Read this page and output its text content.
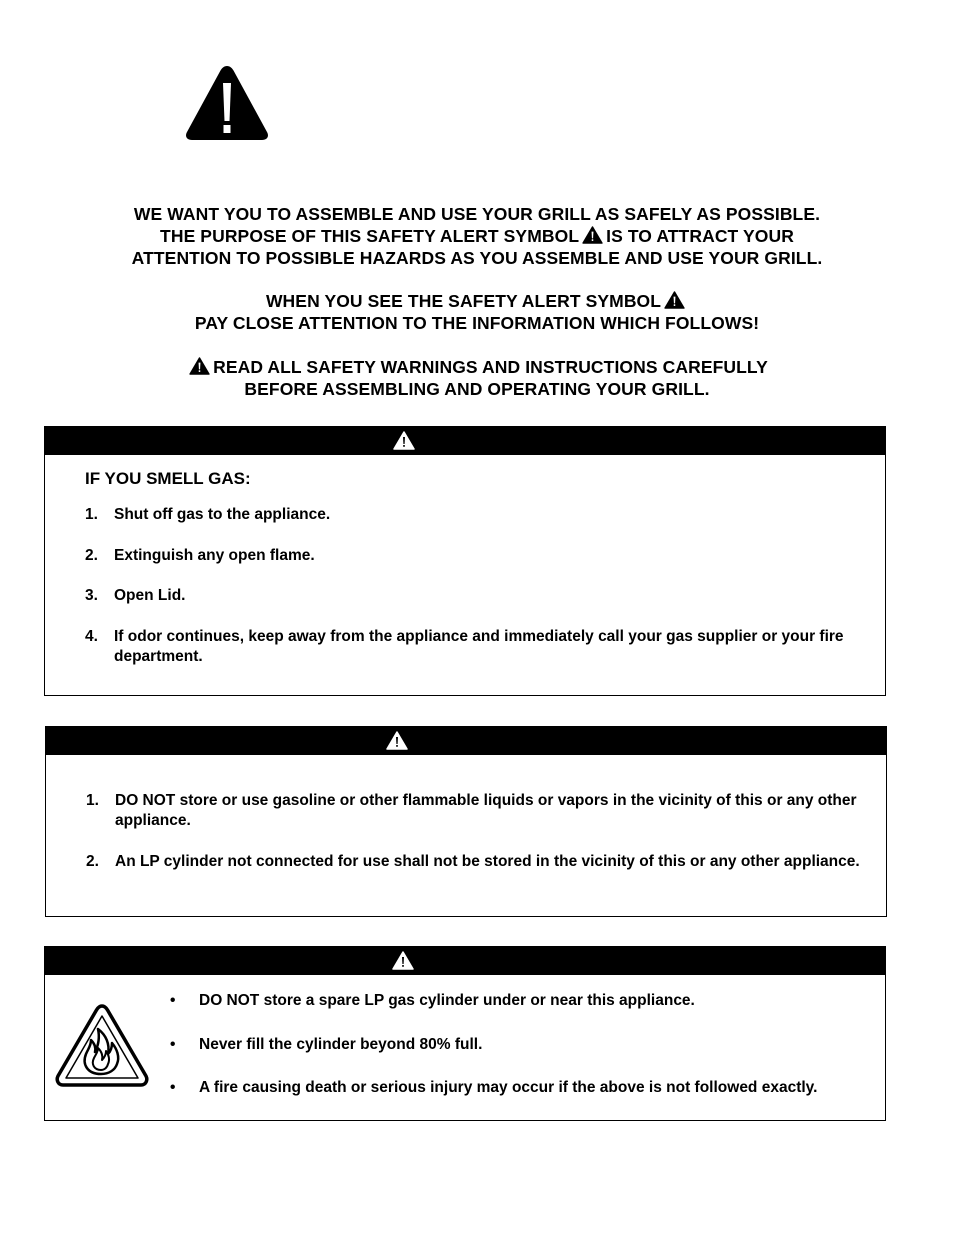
WE WANT YOU TO ASSEMBLE AND USE YOUR GRILL AS SAFELY AS POSSIBLE.
THE PURPOSE OF THIS SAFETY ALERT SYMBOL IS TO ATTRACT YOUR
ATTENTION TO POSSIBLE HAZARDS AS YOU ASSEMBLE AND USE YOUR GRILL.
WHEN YOU SEE THE SAFETY ALERT SYMBOL
PAY CLOSE ATTENTION TO THE INFORMATION WHICH FOLLOWS!
READ ALL SAFETY WARNINGS AND INSTRUCTIONS CAREFULLY
BEFORE ASSEMBLING AND OPERATING YOUR GRILL.
IF YOU SMELL GAS:
1. Shut off gas to the appliance.
2. Extinguish any open flame.
3. Open Lid.
4. If odor continues, keep away from the appliance and immediately call your gas supplier or your fire department.
1. DO NOT store or use gasoline or other flammable liquids or vapors in the vicinity of this or any other appliance.
2. An LP cylinder not connected for use shall not be stored in the vicinity of this or any other appliance.
• DO NOT store a spare LP gas cylinder under or near this appliance.
• Never fill the cylinder beyond 80% full.
• A fire causing death or serious injury may occur if the above is not followed exactly.
